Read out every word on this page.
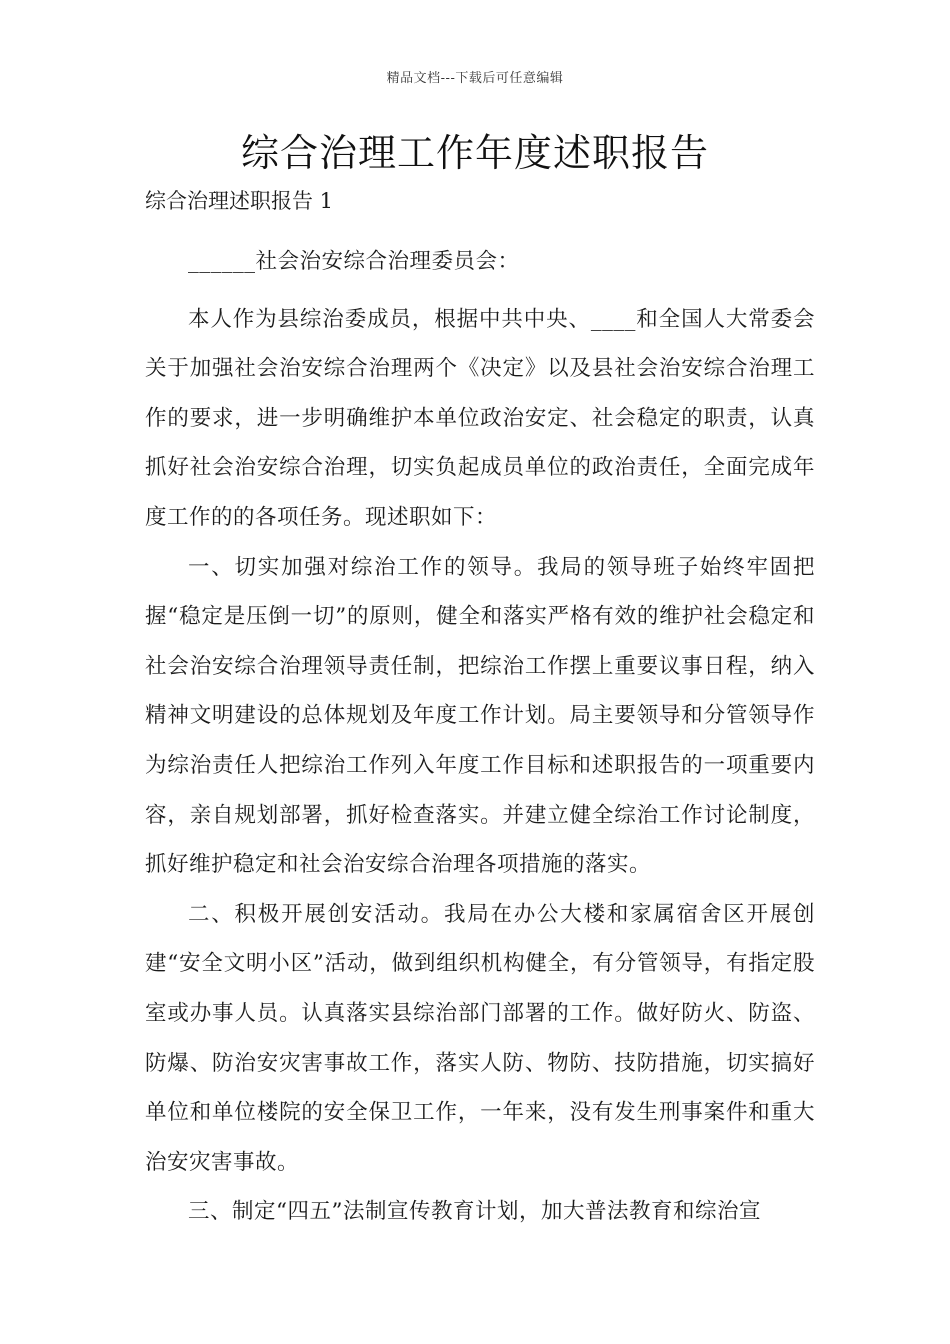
精品文档---下载后可任意编辑
综合治理工作年度述职报告
综合治理述职报告 1

______社会治安综合治理委员会：

本人作为县综治委成员，根据中共中央、____和全国人大常委会关于加强社会治安综合治理两个《决定》以及县社会治安综合治理工作的要求，进一步明确维护本单位政治安定、社会稳定的职责，认真抓好社会治安综合治理，切实负起成员单位的政治责任，全面完成年度工作的的各项任务。现述职如下：

一、切实加强对综治工作的领导。我局的领导班子始终牢固把握“稳定是压倒一切”的原则，健全和落实严格有效的维护社会稳定和社会治安综合治理领导责任制，把综治工作摆上重要议事日程，纳入精神文明建设的总体规划及年度工作计划。局主要领导和分管领导作为综治责任人把综治工作列入年度工作目标和述职报告的一项重要内容，亲自规划部署，抓好检查落实。并建立健全综治工作讨论制度，抓好维护稳定和社会治安综合治理各项措施的落实。

二、积极开展创安活动。我局在办公大楼和家属宿舍区开展创建“安全文明小区”活动，做到组织机构健全，有分管领导，有指定股室或办事人员。认真落实县综治部门部署的工作。做好防火、防盗、防爆、防治安灾害事故工作，落实人防、物防、技防措施，切实搞好单位和单位楼院的安全保卫工作，一年来，没有发生刑事案件和重大治安灾害事故。

三、制定“四五”法制宣传教育计划，加大普法教育和综治宣
